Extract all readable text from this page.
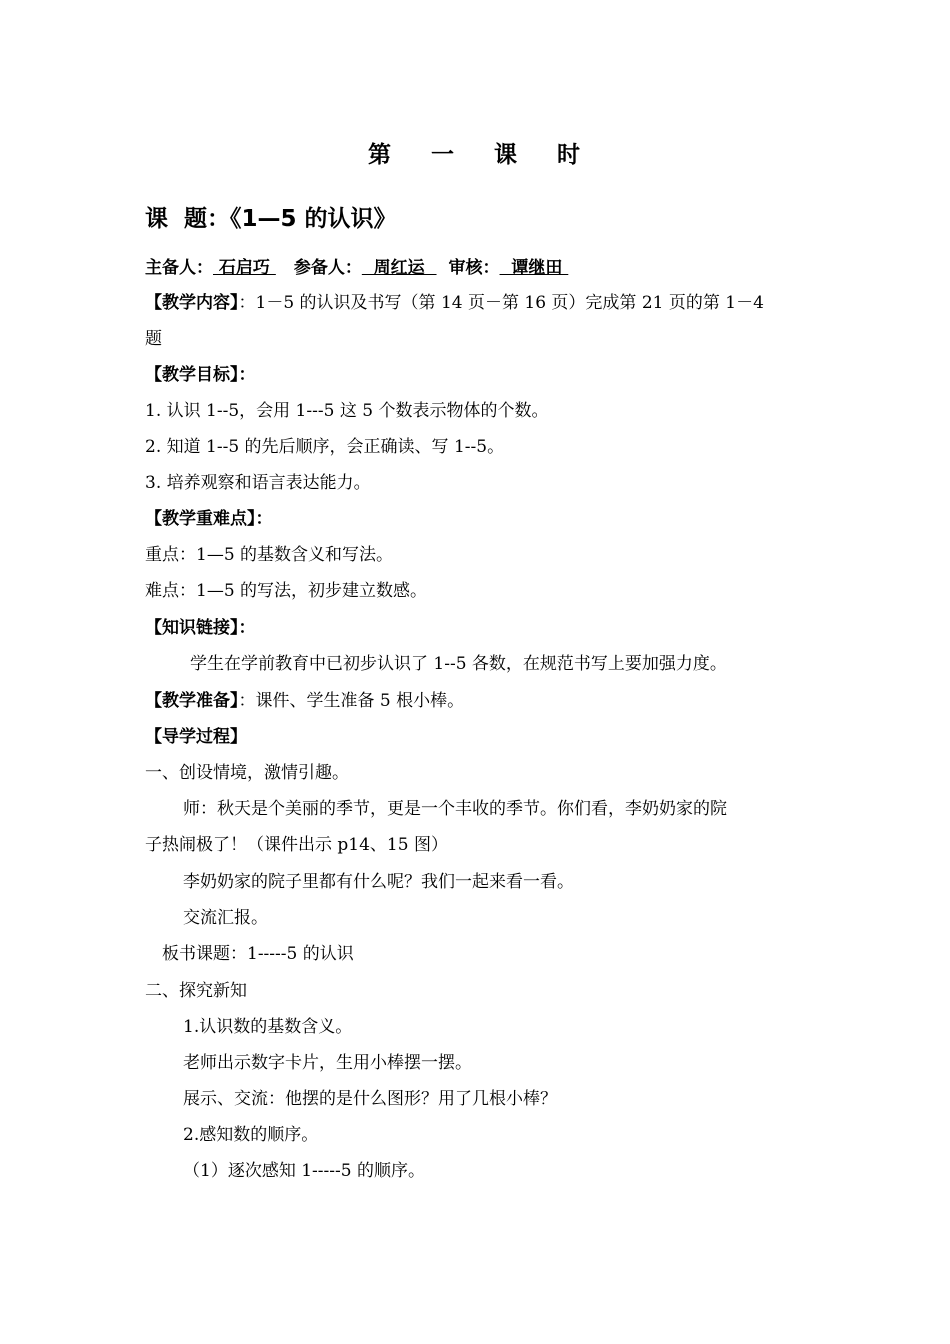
第 一 课 时
课  题：《1—5 的认识》
主备人： 石启巧 参备人：  周红运  审核：  谭继田
【教学内容】：1－5 的认识及书写（第 14 页－第 16 页）完成第 21 页的第 1－4
题
【教学目标】：
1. 认识 1--5，会用 1---5 这 5 个数表示物体的个数。
2. 知道 1--5 的先后顺序，会正确读、写 1--5。
3. 培养观察和语言表达能力。
【教学重难点】：
重点：1—5 的基数含义和写法。
难点：1—5 的写法，初步建立数感。
【知识链接】：
学生在学前教育中已初步认识了 1--5 各数，在规范书写上要加强力度。
【教学准备】：课件、学生准备 5 根小棒。
【导学过程】
一、创设情境，激情引趣。
师：秋天是个美丽的季节，更是一个丰收的季节。你们看，李奶奶家的院
子热闹极了！（课件出示 p14、15 图）
李奶奶家的院子里都有什么呢？我们一起来看一看。
交流汇报。
板书课题：1-----5 的认识
二、探究新知
1.认识数的基数含义。
老师出示数字卡片，生用小棒摆一摆。
展示、交流：他摆的是什么图形？用了几根小棒？
2.感知数的顺序。
（1）逐次感知 1-----5 的顺序。
